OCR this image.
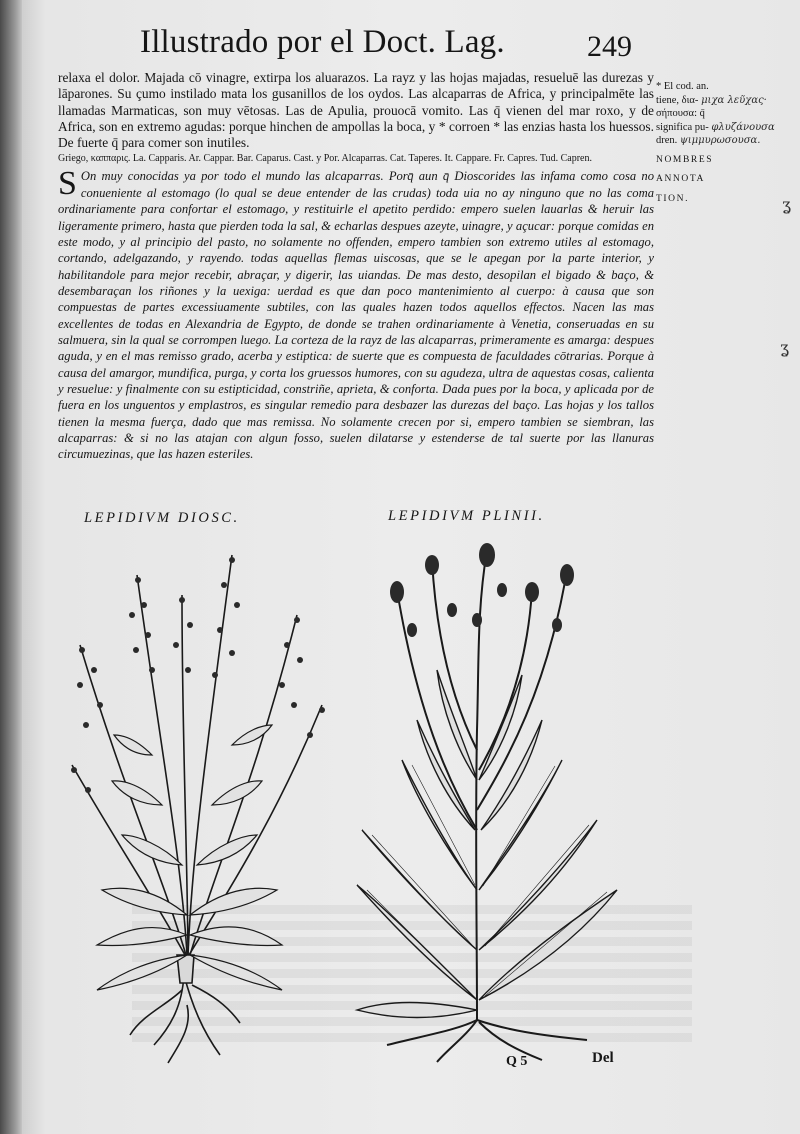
Illustrado por el Doct. Lag.	249

relaxa el dolor. Majada cō vinagre, extirpa los aluarazos. La rayz y las hojas majadas, resueluē las durezas y lāparones. Su çumo instilado mata los gusanillos de los oydos. Las alcaparras de Africa, y principalmēte las llamadas Marmaticas, son muy vētosas. Las de Apulia, prouocā vomito. Las q̄ vienen del mar roxo, y de Africa, son en extremo agudas: porque hinchen de ampollas la boca, y * corroen * las enzias hasta los huessos. De fuerte q̄ para comer son inutiles.

Griego, καππαρις. La. Capparis. Ar. Cappar. Bar. Caparus. Cast. y Por. Alcaparras. Cat. Taperes. It. Cappare. Fr. Capres. Tud. Capren.

S On muy conocidas ya por todo el mundo las alcaparras. Porq̄ aun q̄ Dioscorides las infama como cosa no conueniente al estomago (lo qual se deue entender de las crudas) toda uia no ay ninguno que no las coma ordinariamente para confortar el estomago, y restituirle el apetito perdido: empero suelen lauarlas & heruir las ligeramente primero, hasta que pierden toda la sal, & echarlas despues azeyte, uinagre, y açucar: porque comidas en este modo, y al principio del pasto, no solamente no offenden, empero tambien son extremo utiles al estomago, cortando, adelgazando, y rayendo. todas aquellas flemas uiscosas, que se le apegan por la parte interior, y habilitandole para mejor recebir, abraçar, y digerir, las uiandas. De mas desto, desopilan el bigado & baço, & desembaraçan los riñones y la uexiga: uerdad es que dan poco mantenimiento al cuerpo: à causa que son compuestas de partes excessiuamente subtiles, con las quales hazen todos aquellos effectos. Nacen las mas excellentes de todas en Alexandria de Egypto, de donde se trahen ordinariamente à Venetia, conseruadas en su salmuera, sin la qual se corrompen luego. La corteza de la rayz de las alcaparras, primeramente es amarga: despues aguda, y en el mas remisso grado, acerba y estiptica: de suerte que es compuesta de faculdades cōtrarias. Porque à causa del amargor, mundifica, purga, y corta los gruessos humores, con su agudeza, ultra de aquestas cosas, calienta y resuelue: y finalmente con su estipticidad, constriñe, aprieta, & conforta. Dada pues por la boca, y aplicada por de fuera en los unguentos y emplastros, es singular remedio para desbazer las durezas del baço. Las hojas y los tallos tienen la mesma fuerça, dado que mas remissa. No solamente crecen por si, empero tambien se siembran, las alcaparras: & si no las atajan con algun fosso, suelen dilatarse y estenderse de tal suerte por las llanuras circumuezinas, que las hazen esteriles.

* El cod. an.

tiene, δια- μιχα λεῦχας·

σήπουσα: q̄

significa pu- φλυζάνουσα

dren. ψιμμυρωσουσα.

NOMBRES

ANNOTA

TION.	ʓ
ʓ
LEPIDIVM DIOSC.	LEPIDIVM PLINII.
Q 5	Del
